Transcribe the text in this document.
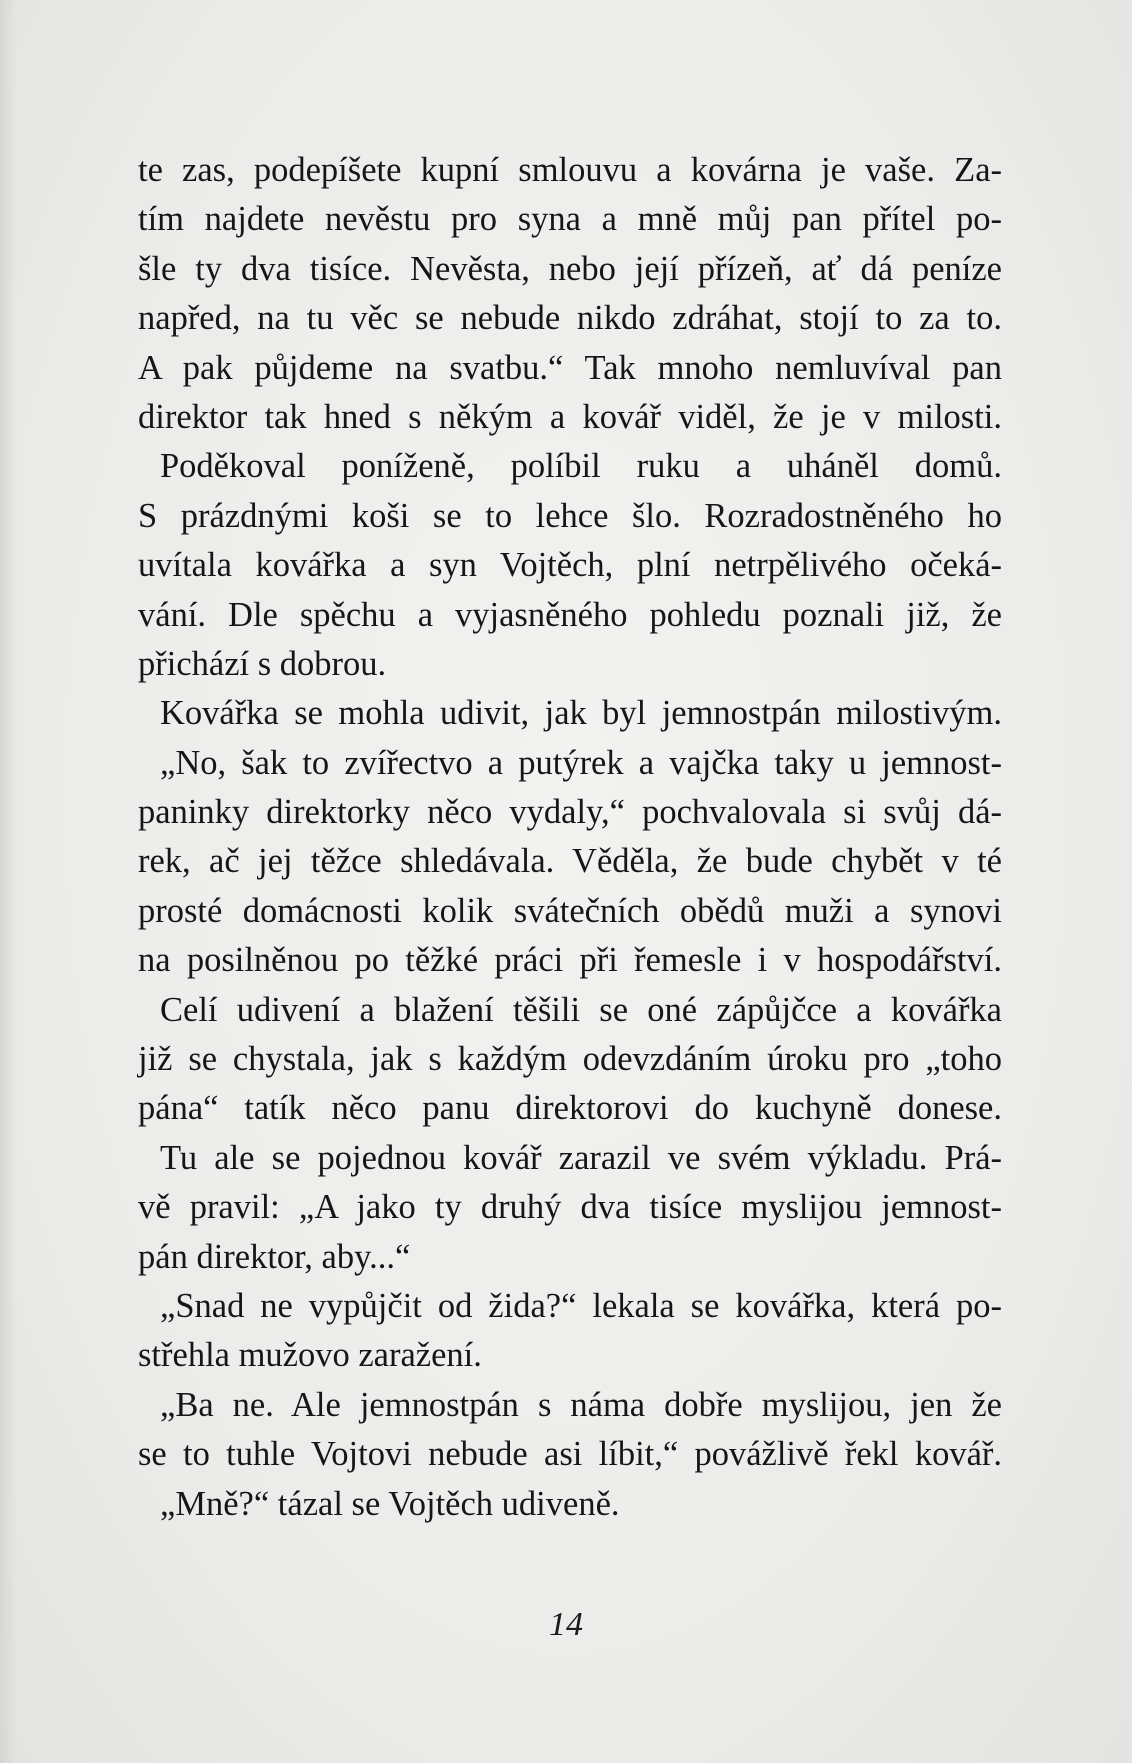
te zas, podepíšete kupní smlouvu a kovárna je vaše. Za-
tím najdete nevěstu pro syna a mně můj pan přítel po-
šle ty dva tisíce. Nevěsta, nebo její přízeň, ať dá peníze
napřed, na tu věc se nebude nikdo zdráhat, stojí to za to.
A pak půjdeme na svatbu.“ Tak mnoho nemluvíval pan
direktor tak hned s někým a kovář viděl, že je v milosti.
Poděkoval poníženě, políbil ruku a uháněl domů.
S prázdnými koši se to lehce šlo. Rozradostněného ho
uvítala kovářka a syn Vojtěch, plní netrpělivého očeká-
vání. Dle spěchu a vyjasněného pohledu poznali již, že
přichází s dobrou.
Kovářka se mohla udivit, jak byl jemnostpán milostivým.
„No, šak to zvířectvo a putýrek a vajčka taky u jemnost-
paninky direktorky něco vydaly,“ pochvalovala si svůj dá-
rek, ač jej těžce shledávala. Věděla, že bude chybět v té
prosté domácnosti kolik svátečních obědů muži a synovi
na posilněnou po těžké práci při řemesle i v hospodářství.
Celí udivení a blažení těšili se oné zápůjčce a kovářka
již se chystala, jak s každým odevzdáním úroku pro „toho
pána“ tatík něco panu direktorovi do kuchyně donese.
Tu ale se pojednou kovář zarazil ve svém výkladu. Prá-
vě pravil: „A jako ty druhý dva tisíce myslijou jemnost-
pán direktor, aby...“
„Snad ne vypůjčit od žida?“ lekala se kovářka, která po-
střehla mužovo zaražení.
„Ba ne. Ale jemnostpán s náma dobře myslijou, jen že
se to tuhle Vojtovi nebude asi líbit,“ povážlivě řekl kovář.
„Mně?“ tázal se Vojtěch udiveně.
14
